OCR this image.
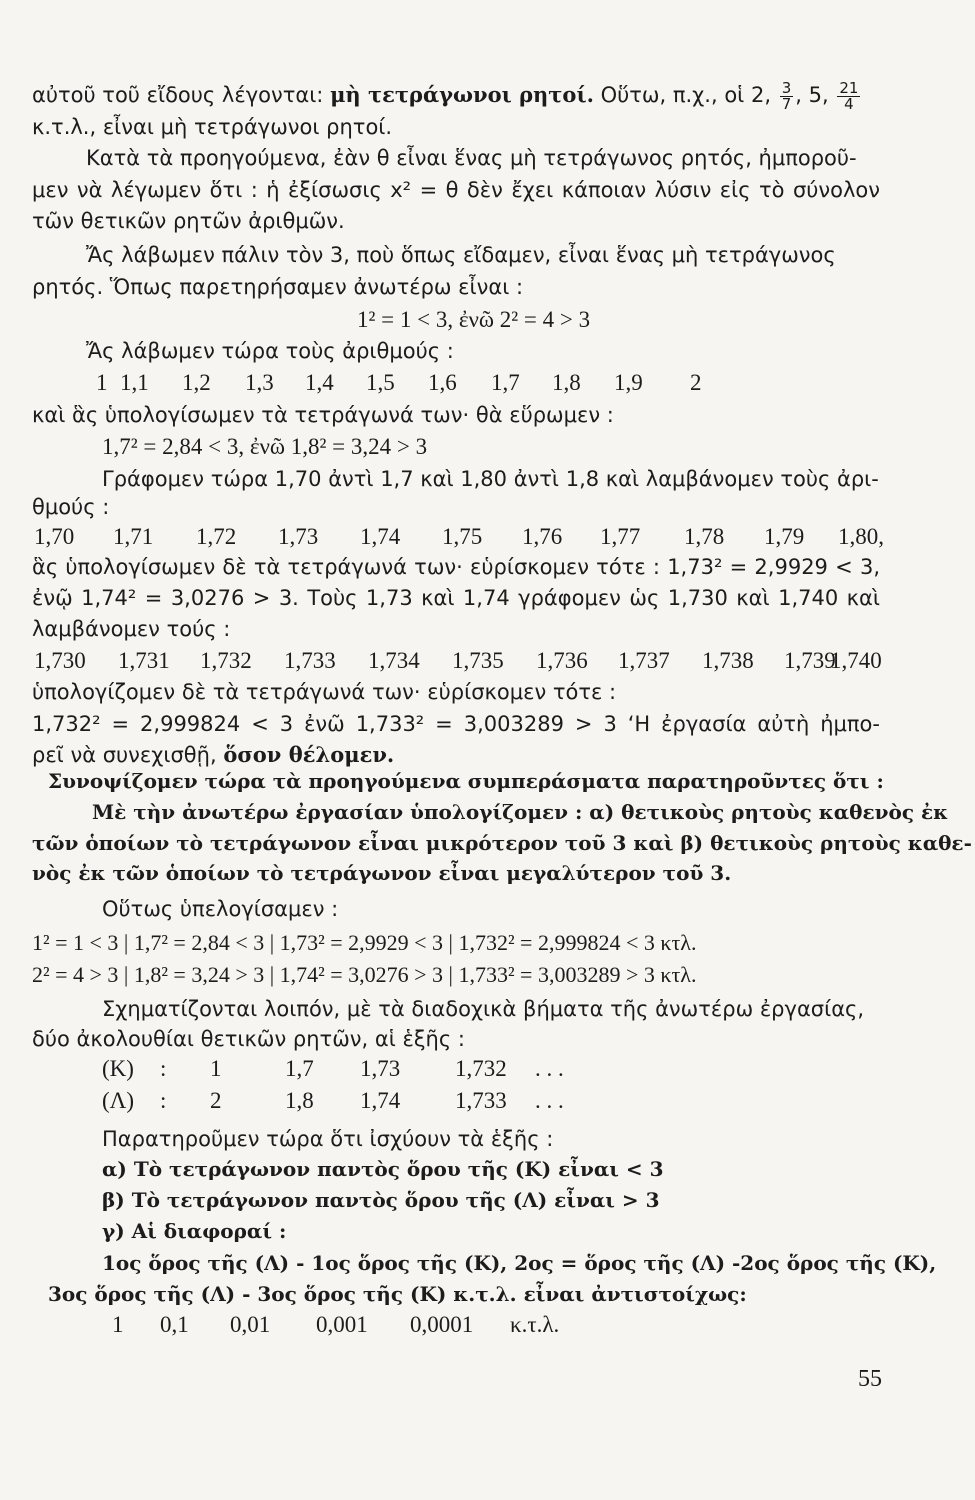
αὐτοῦ τοῦ εἴδους λέγονται: μὴ τετράγωνοι ρητοί. Οὕτω, π.χ., οἱ 2, $\frac{3}{7}$ , 5, $\frac{21}{4}$
κ.τ.λ., εἶναι μὴ τετράγωνοι ρητοί.
Κατὰ τὰ προηγούμενα, ἐὰν θ εἶναι ἕνας μὴ τετράγωνος ρητός, ἠμποροῦ-
μεν νὰ λέγωμεν ὅτι : ἡ ἐξίσωσις x² = θ δὲν ἔχει κάποιαν λύσιν εἰς τὸ σύνολον
τῶν θετικῶν ρητῶν ἀριθμῶν.
Ἄς λάβωμεν πάλιν τὸν 3, ποὺ ὅπως εἴδαμεν, εἶναι ἕνας μὴ τετράγωνος
ρητός. Ὅπως παρετηρήσαμεν ἀνωτέρω εἶναι :
1² = 1 < 3, ἐνῶ 2² = 4 > 3
Ἄς λάβωμεν τώρα τοὺς ἀριθμούς :
1 1,1 1,2 1,3 1,4 1,5 1,6 1,7 1,8 1,9 2
καὶ ἃς ὑπολογίσωμεν τὰ τετράγωνά των· θὰ εὕρωμεν :
1,7² = 2,84 < 3, ἐνῶ 1,8² = 3,24 > 3
Γράφομεν τώρα 1,70 ἀντὶ 1,7 καὶ 1,80 ἀντὶ 1,8 καὶ λαμβάνομεν τοὺς ἀρι-
θμούς :
1,70 1,71 1,72 1,73 1,74 1,75 1,76 1,77 1,78 1,79 1,80,
ἃς ὑπολογίσωμεν δὲ τὰ τετράγωνά των· εὑρίσκομεν τότε : 1,73² = 2,9929 < 3,
ἐνῷ 1,74² = 3,0276 > 3. Τοὺς 1,73 καὶ 1,74 γράφομεν ὡς 1,730 καὶ 1,740 καὶ
λαμβάνομεν τούς :
1,730 1,731 1,732 1,733 1,734 1,735 1,736 1,737 1,738 1,739
1,740
ὑπολογίζομεν δὲ τὰ τετράγωνά των· εὑρίσκομεν τότε :
1,732² = 2,999824 < 3 ἐνῶ 1,733² = 3,003289 > 3 ‘Η ἐργασία αὐτὴ ἠμπο-
ρεῖ νὰ συνεχισθῇ, ὅσον θέλομεν.
Συνοψίζομεν τώρα τὰ προηγούμενα συμπεράσματα παρατηροῦντες ὅτι :
Μὲ τὴν ἀνωτέρω ἐργασίαν ὑπολογίζομεν : α) θετικοὺς ρητοὺς καθενὸς ἐκ
τῶν ὁποίων τὸ τετράγωνον εἶναι μικρότερον τοῦ 3 καὶ β) θετικοὺς ρητοὺς καθε-
νὸς ἐκ τῶν ὁποίων τὸ τετράγωνον εἶναι μεγαλύτερον τοῦ 3.
Οὕτως ὑπελογίσαμεν :
1² = 1 < 3 | 1,7² = 2,84 < 3 | 1,73² = 2,9929 < 3 | 1,732² = 2,999824 < 3 κτλ.
2² = 4 > 3 | 1,8² = 3,24 > 3 | 1,74² = 3,0276 > 3 | 1,733² = 3,003289 > 3 κτλ.
Σχηματίζονται λοιπόν, μὲ τὰ διαδοχικὰ βήματα τῆς ἀνωτέρω ἐργασίας,
δύο ἀκολουθίαι θετικῶν ρητῶν, αἱ ἑξῆς :
(Κ) : 1	1,7 1,73 1,732 . . .
(Λ) : 2	1,8 1,74 1,733 . . .
Παρατηροῦμεν τώρα ὅτι ἰσχύουν τὰ ἑξῆς :
α) Τὸ τετράγωνον παντὸς ὅρου τῆς (Κ) εἶναι < 3
β) Τὸ τετράγωνον παντὸς ὅρου τῆς (Λ) εἶναι > 3
γ) Αἱ διαφοραί :
1ος ὅρος τῆς (Λ) - 1ος ὅρος τῆς (Κ), 2ος = ὅρος τῆς (Λ) -2ος ὅρος τῆς (Κ),
3ος ὅρος τῆς (Λ) - 3ος ὅρος τῆς (Κ) κ.τ.λ. εἶναι ἀντιστοίχως:
1 0,1 0,01 0,001 0,0001 κ.τ.λ.
55
